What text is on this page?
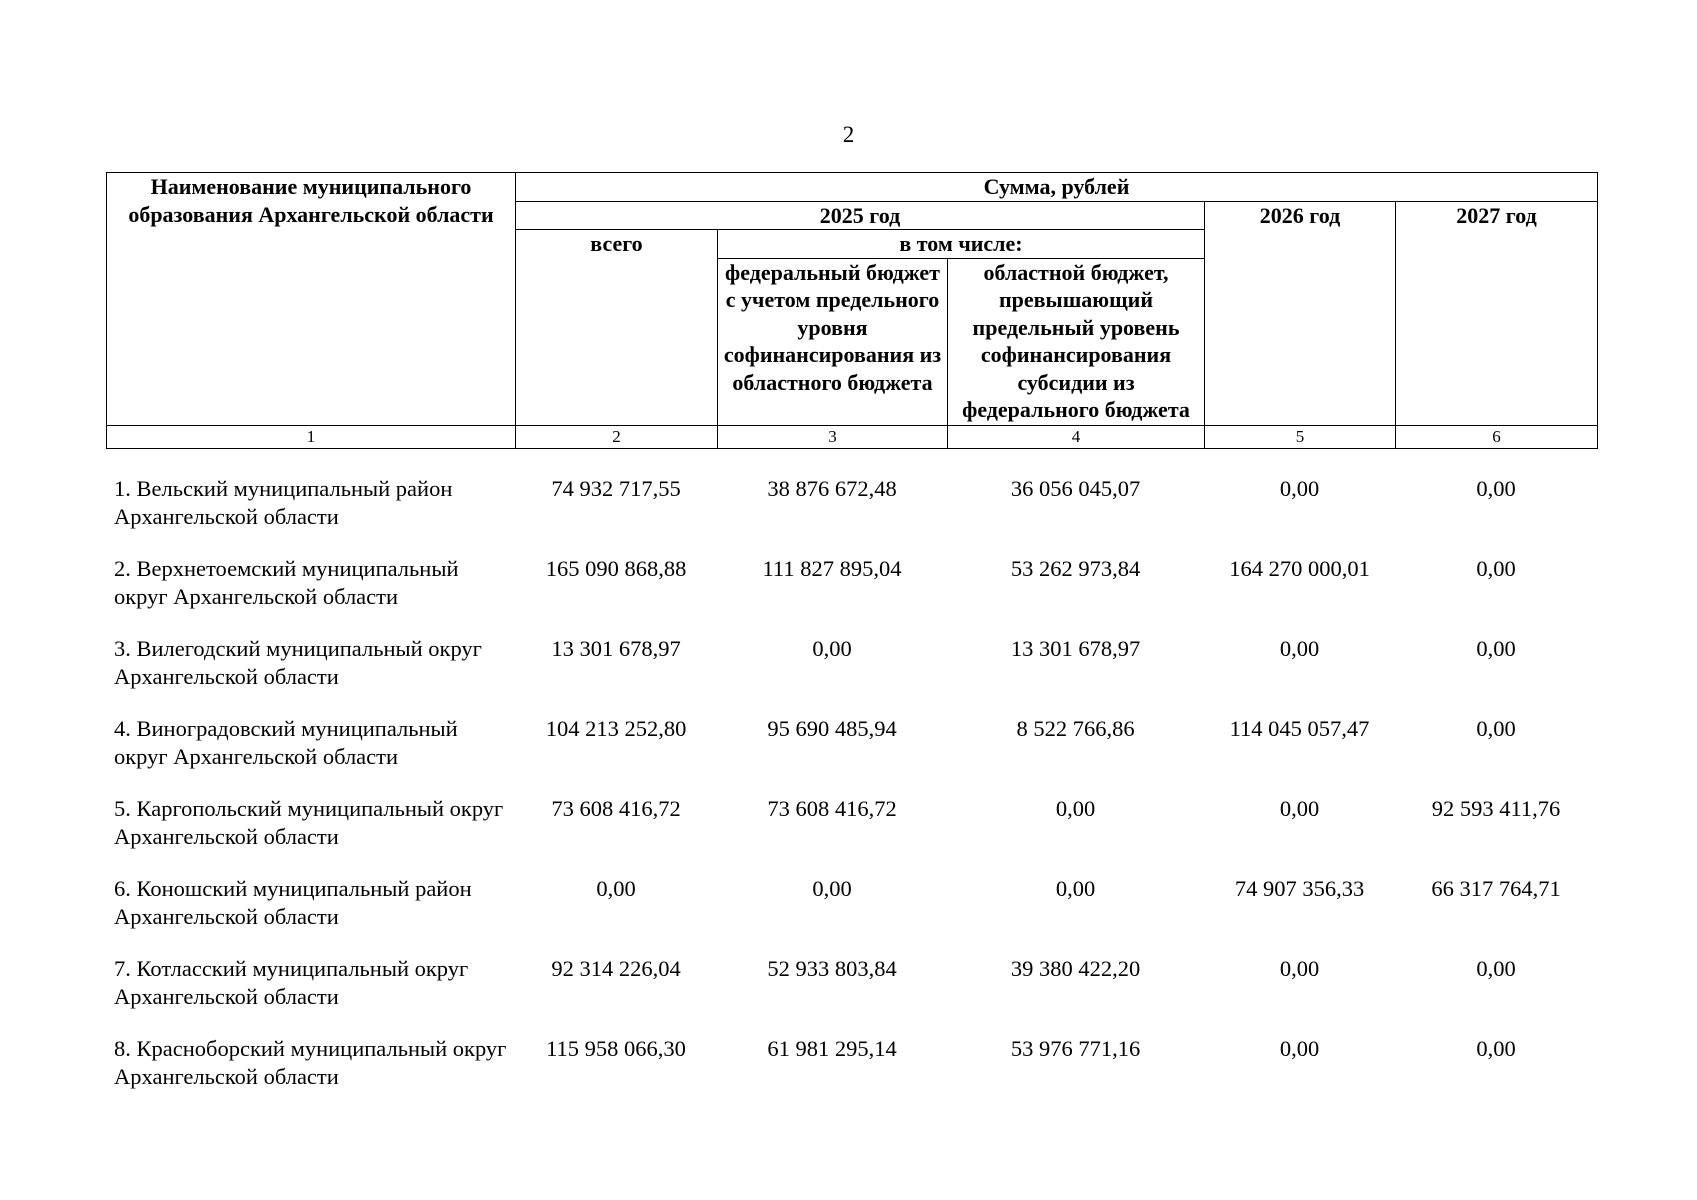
2
Наименование муниципального образования Архангельской области	Сумма, рублей				
	2025 год			2026 год	2027 год
	всего	в том числе:			
		федеральный бюджет с учетом предельного уровня софинансирования из областного бюджета	областной бюджет, превышающий предельный уровень софинансирования субсидии из федерального бюджета		
1	2	3	4	5	6
1. Вельский муниципальный район Архангельской области
74 932 717,55	38 876 672,48	36 056 045,07	0,00	0,00
2. Верхнетоемский муниципальный округ Архангельской области
165 090 868,88	111 827 895,04	53 262 973,84	164 270 000,01	0,00
3. Вилегодский муниципальный округ Архангельской области
13 301 678,97	0,00	13 301 678,97	0,00	0,00
4. Виноградовский муниципальный округ Архангельской области
104 213 252,80	95 690 485,94	8 522 766,86	114 045 057,47	0,00
5. Каргопольский муниципальный округ Архангельской области
73 608 416,72	73 608 416,72	0,00	0,00	92 593 411,76
6. Коношский муниципальный район Архангельской области
0,00	0,00	0,00	74 907 356,33	66 317 764,71
7. Котласский муниципальный округ Архангельской области
92 314 226,04	52 933 803,84	39 380 422,20	0,00	0,00
8. Красноборский муниципальный округ Архангельской области
115 958 066,30	61 981 295,14	53 976 771,16	0,00	0,00
